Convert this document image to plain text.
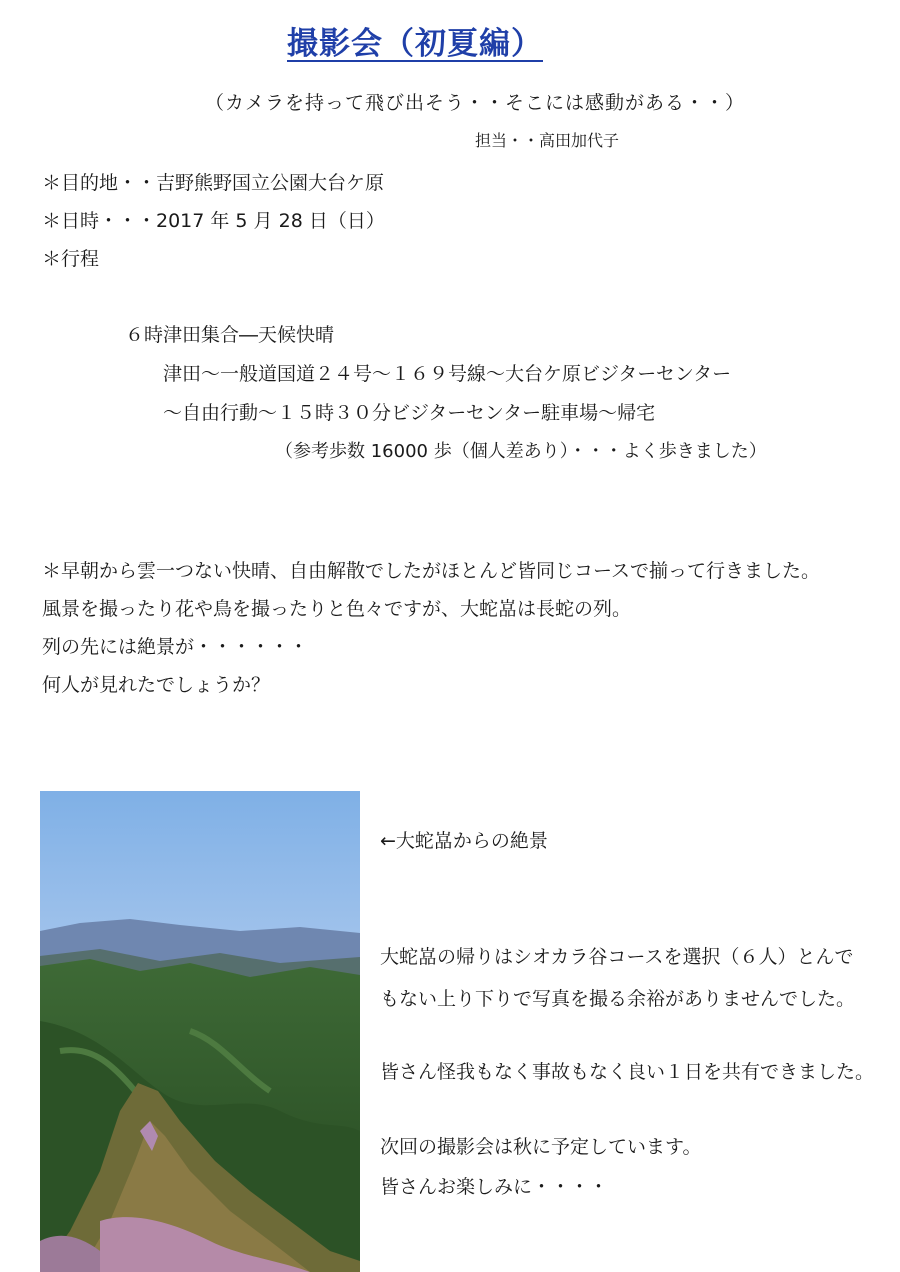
撮影会（初夏編）

（カメラを持って飛び出そう・・そこには感動がある・・）

担当・・高田加代子

＊目的地・・吉野熊野国立公園大台ケ原

＊日時・・・2017 年 5 月 28 日（日）

＊行程

６時津田集合―天候快晴

津田～一般道国道２４号～１６９号線～大台ケ原ビジターセンター

～自由行動～１５時３０分ビジターセンター駐車場～帰宅

（参考歩数 16000 歩（個人差あり）・・・よく歩きました）

＊早朝から雲一つない快晴、自由解散でしたがほとんど皆同じコースで揃って行きました。

風景を撮ったり花や鳥を撮ったりと色々ですが、大蛇嵓は長蛇の列。

列の先には絶景が・・・・・・

何人が見れたでしょうか？

←大蛇嵓からの絶景

大蛇嵓の帰りはシオカラ谷コースを選択（６人）とんで

もない上り下りで写真を撮る余裕がありませんでした。

皆さん怪我もなく事故もなく良い１日を共有できました。

次回の撮影会は秋に予定しています。

皆さんお楽しみに・・・・
